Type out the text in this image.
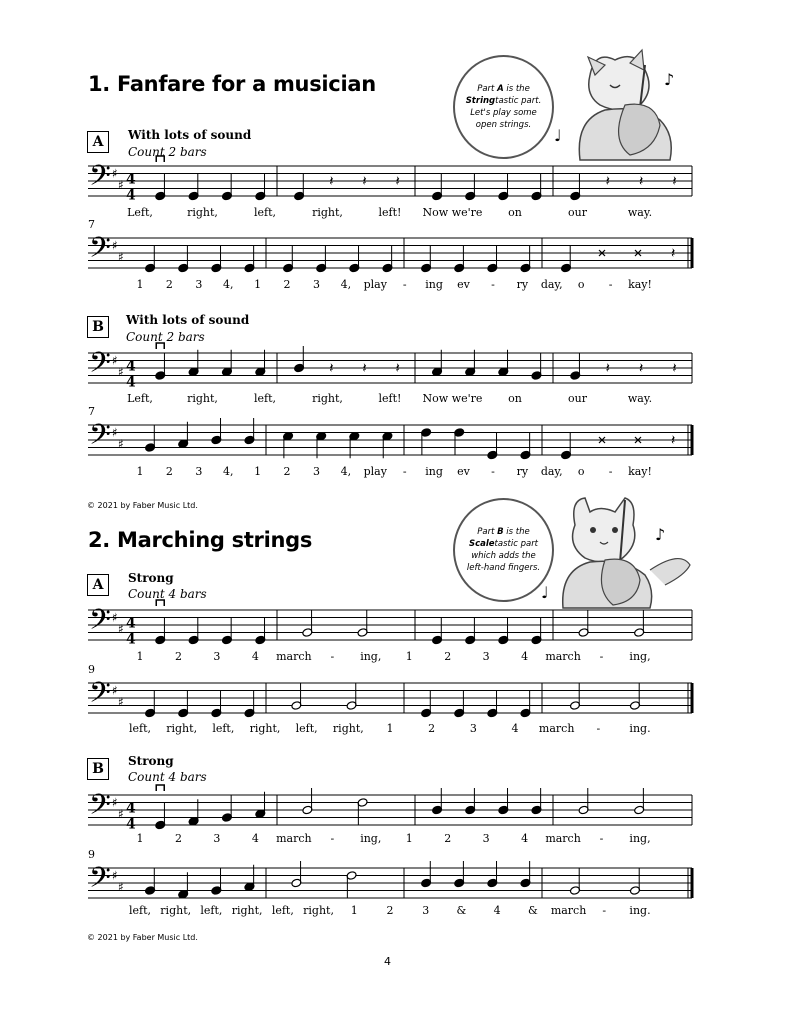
1. Fanfare for a musician
2. Marching strings
Part A is the Stringtastic part. Let's play some open strings.
Part B is the Scaletastic part which adds the left-hand fingers.
♪
♩
♪
♩
A	With lots of sound
Count 2 bars
B	With lots of sound
Count 2 bars
A	Strong
Count 4 bars
B	Strong
Count 4 bars
© 2021 by Faber Music Ltd.
© 2021 by Faber Music Ltd.
4
𝄢 ♯
♯ 4
4
𝄽 𝄽 𝄽	𝄽 𝄽 𝄽
𝄢 ♯
♯	𝄽
𝄢 ♯
♯ 4
4
𝄽 𝄽 𝄽	𝄽 𝄽 𝄽
𝄢 ♯
♯	𝄽
𝄢 ♯
♯ 4
4
𝄢 ♯
♯
𝄢 ♯
♯ 4
4
𝄢 ♯
♯
Left,	right,	left,	right,	left! Now we're on	our	way.
7
1 2 3 4, 1 2 3 4, play - ing ev - ry day, o - kay!
Left,	right,	left,	right,	left! Now we're on	our	way.
7
1 2 3 4, 1 2 3 4, play - ing ev - ry day, o - kay!
1	2	3	4 march - ing, 1	2	3	4 march - ing,
9
left, right, left, right, left, right, 1	2	3	4 march -	ing.
1	2	3	4 march - ing, 1	2	3	4 march - ing,
9
left, right, left, right, left, right, 1	2	3 & 4 & march - ing.
